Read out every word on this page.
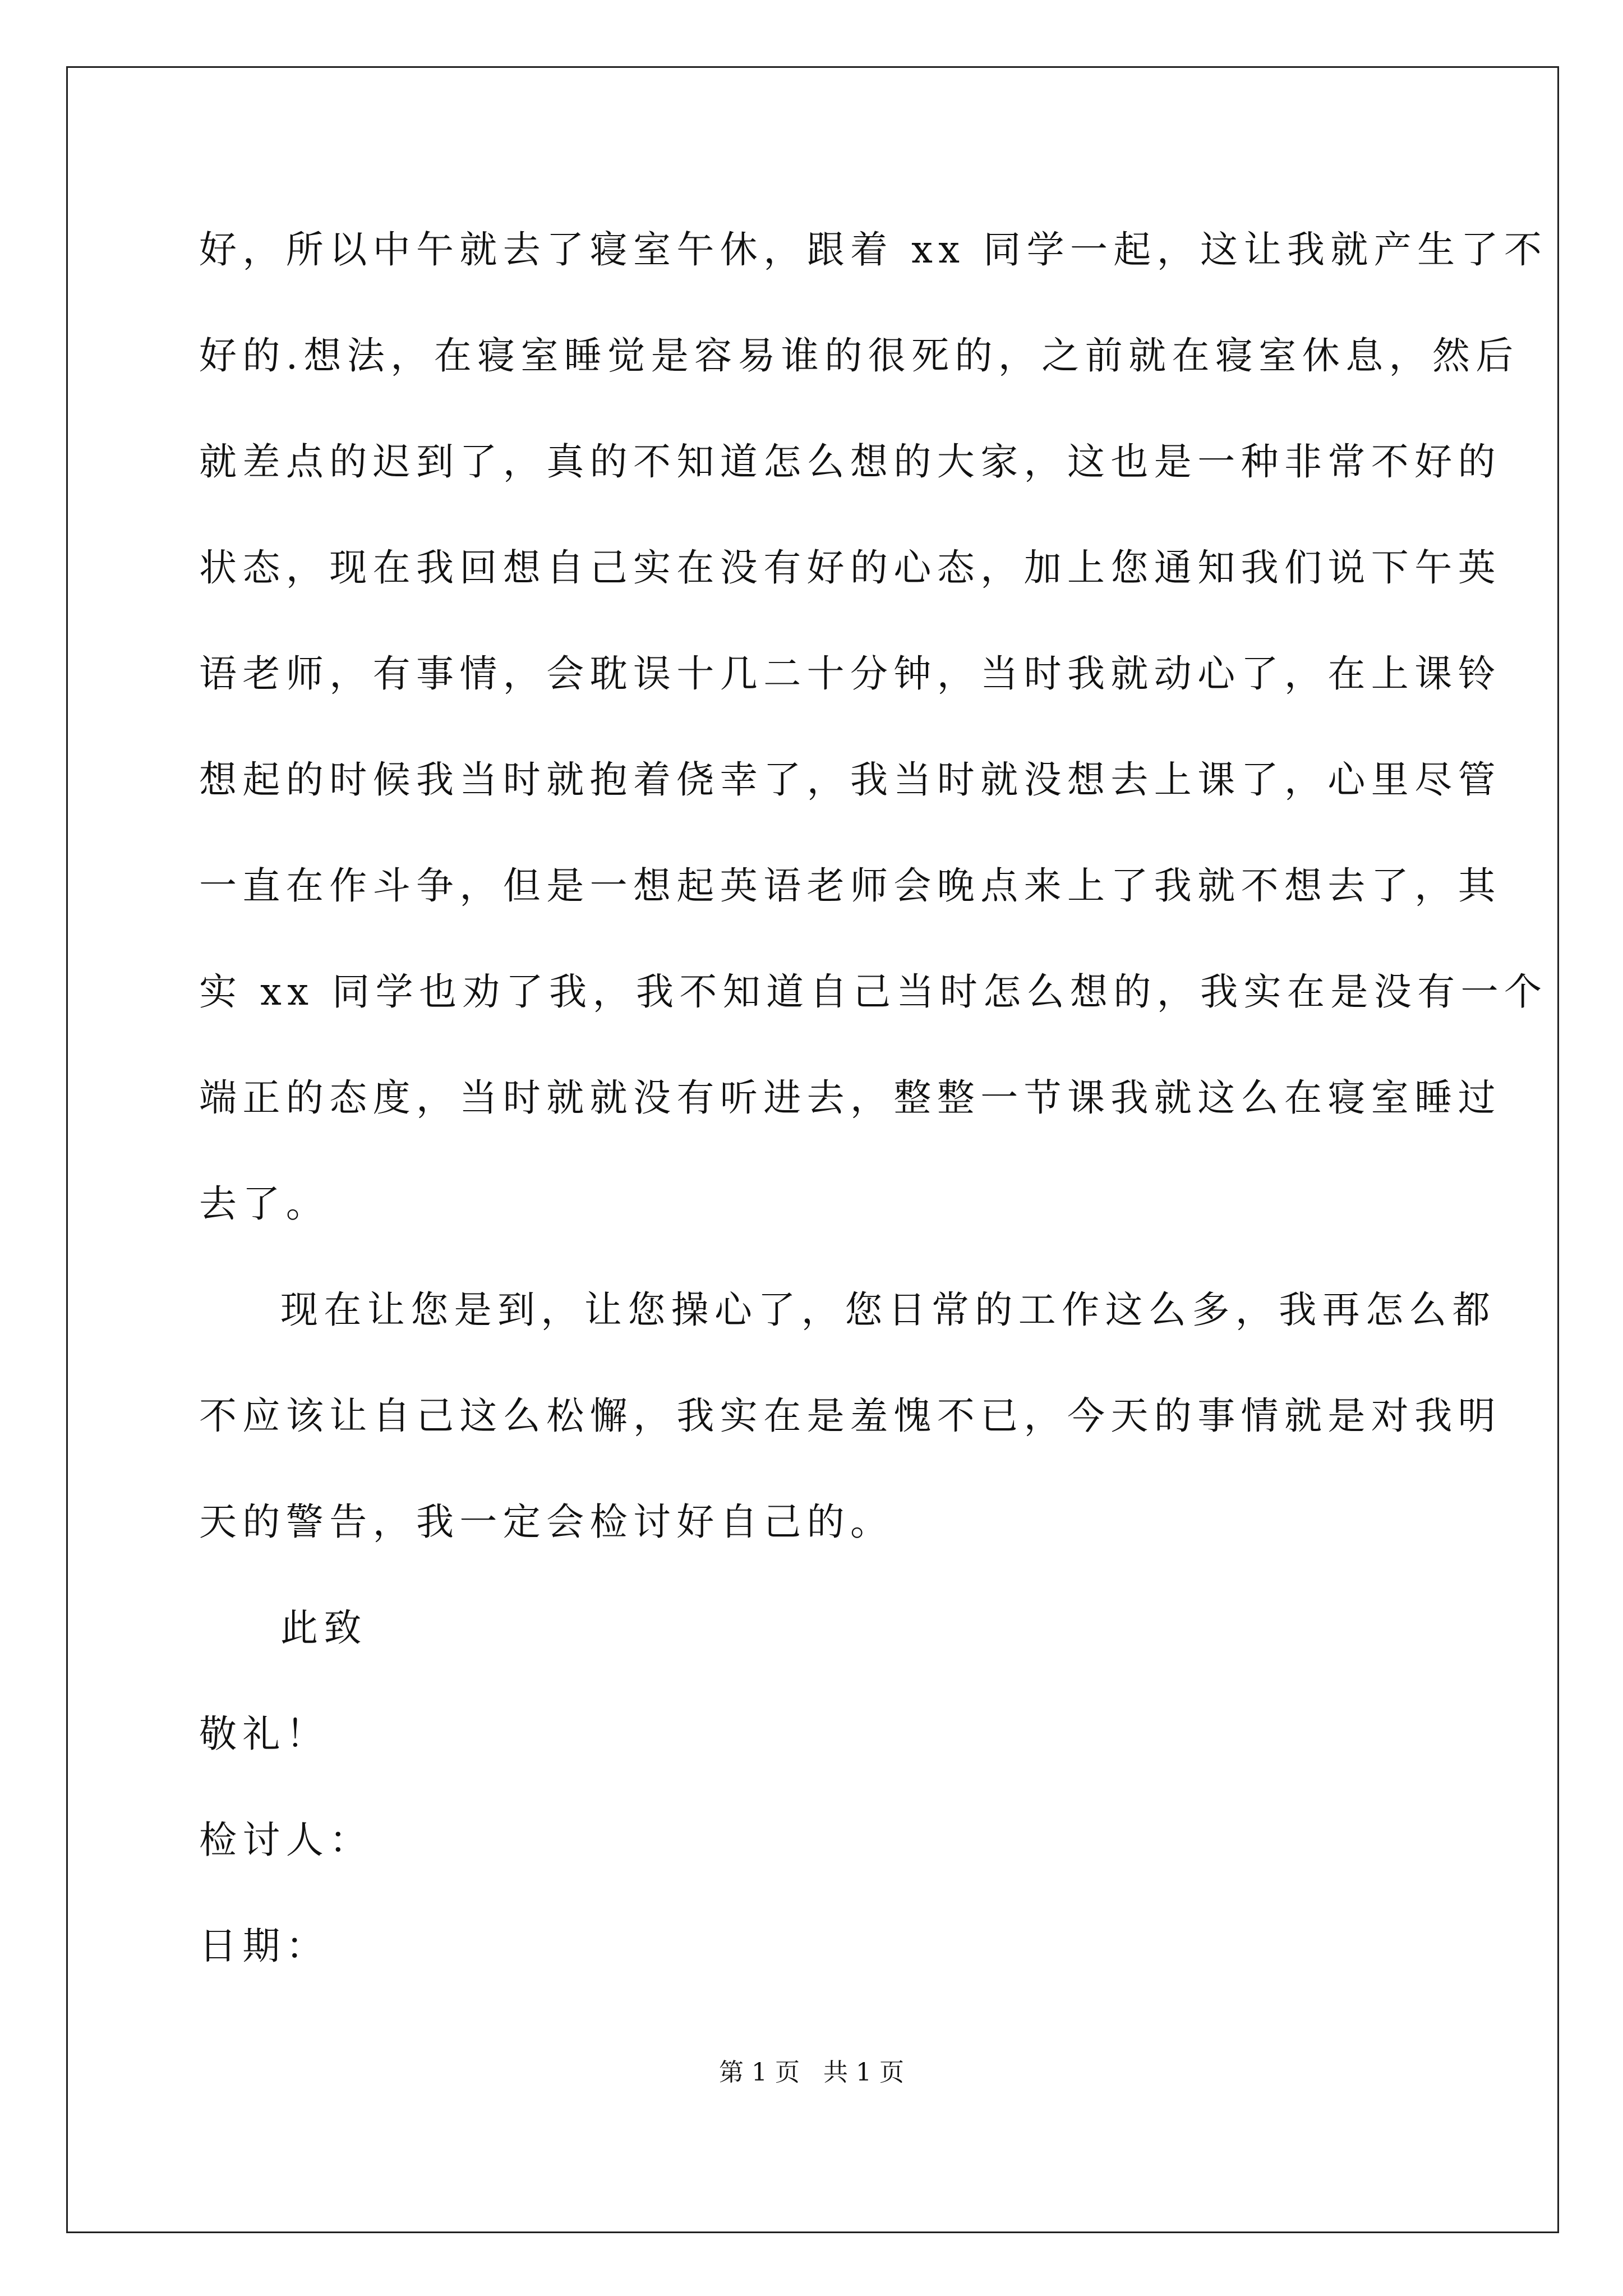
好，所以中午就去了寝室午休，跟着 xx 同学一起，这让我就产生了不
好的.想法，在寝室睡觉是容易谁的很死的，之前就在寝室休息，然后
就差点的迟到了，真的不知道怎么想的大家，这也是一种非常不好的
状态，现在我回想自己实在没有好的心态，加上您通知我们说下午英
语老师，有事情，会耽误十几二十分钟，当时我就动心了，在上课铃
想起的时候我当时就抱着侥幸了，我当时就没想去上课了，心里尽管
一直在作斗争，但是一想起英语老师会晚点来上了我就不想去了，其
实 xx 同学也劝了我，我不知道自己当时怎么想的，我实在是没有一个
端正的态度，当时就就没有听进去，整整一节课我就这么在寝室睡过
去了。
现在让您是到，让您操心了，您日常的工作这么多，我再怎么都
不应该让自己这么松懈，我实在是羞愧不已，今天的事情就是对我明
天的警告，我一定会检讨好自己的。
此致
敬礼！
检讨人：
日期：
第 1 页   共 1 页
